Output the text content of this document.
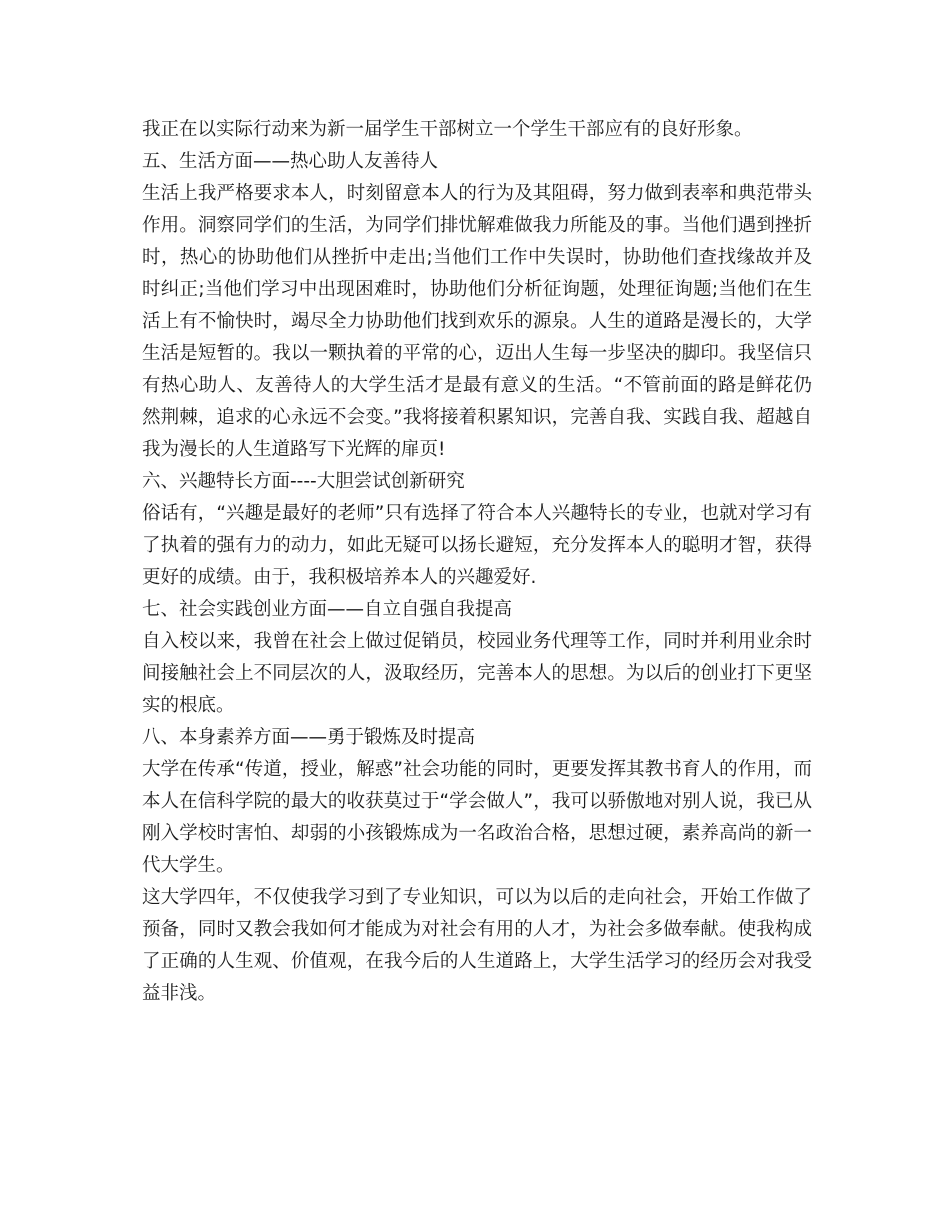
我正在以实际行动来为新一届学生干部树立一个学生干部应有的良好形象。

五、生活方面——热心助人友善待人

生活上我严格要求本人，时刻留意本人的行为及其阻碍，努力做到表率和典范带头作用。洞察同学们的生活，为同学们排忧解难做我力所能及的事。当他们遇到挫折时，热心的协助他们从挫折中走出;当他们工作中失误时，协助他们查找缘故并及时纠正;当他们学习中出现困难时，协助他们分析征询题，处理征询题;当他们在生活上有不愉快时，竭尽全力协助他们找到欢乐的源泉。人生的道路是漫长的，大学生活是短暂的。我以一颗执着的平常的心，迈出人生每一步坚决的脚印。我坚信只有热心助人、友善待人的大学生活才是最有意义的生活。“不管前面的路是鲜花仍然荆棘，追求的心永远不会变。”我将接着积累知识，完善自我、实践自我、超越自我为漫长的人生道路写下光辉的扉页!

六、兴趣特长方面----大胆尝试创新研究

俗话有，“兴趣是最好的老师”只有选择了符合本人兴趣特长的专业，也就对学习有了执着的强有力的动力，如此无疑可以扬长避短，充分发挥本人的聪明才智，获得更好的成绩。由于，我积极培养本人的兴趣爱好.

七、社会实践创业方面——自立自强自我提高

自入校以来，我曾在社会上做过促销员，校园业务代理等工作，同时并利用业余时间接触社会上不同层次的人，汲取经历，完善本人的思想。为以后的创业打下更坚实的根底。

八、本身素养方面——勇于锻炼及时提高

大学在传承“传道，授业，解惑”社会功能的同时，更要发挥其教书育人的作用，而本人在信科学院的最大的收获莫过于“学会做人”，我可以骄傲地对别人说，我已从刚入学校时害怕、却弱的小孩锻炼成为一名政治合格，思想过硬，素养高尚的新一代大学生。

这大学四年，不仅使我学习到了专业知识，可以为以后的走向社会，开始工作做了预备，同时又教会我如何才能成为对社会有用的人才，为社会多做奉献。使我构成了正确的人生观、价值观，在我今后的人生道路上，大学生活学习的经历会对我受益非浅。
